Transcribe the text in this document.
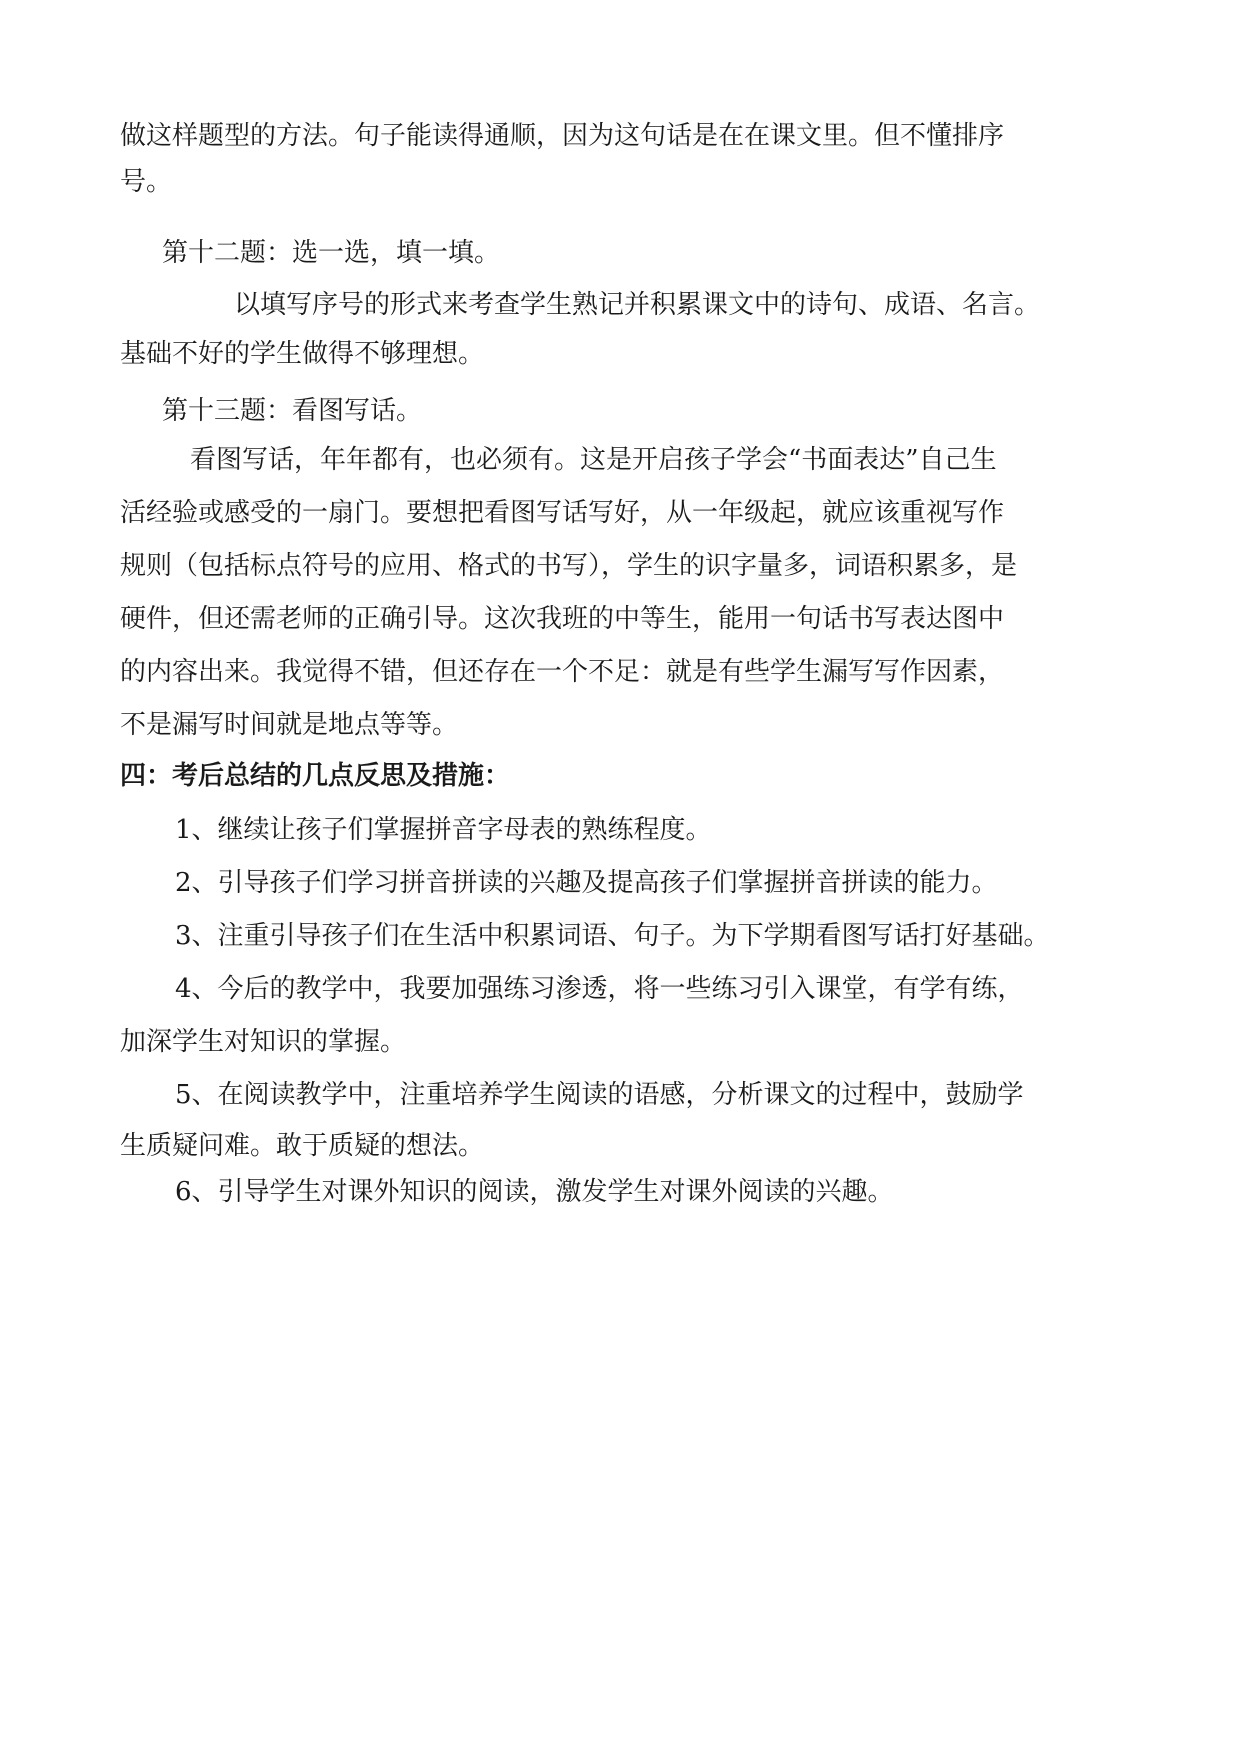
做这样题型的方法。句子能读得通顺，因为这句话是在在课文里。但不懂排序
号。
第十二题：选一选，填一填。
以填写序号的形式来考查学生熟记并积累课文中的诗句、成语、名言。
基础不好的学生做得不够理想。
第十三题：看图写话。
看图写话，年年都有，也必须有。这是开启孩子学会“书面表达”自己生
活经验或感受的一扇门。要想把看图写话写好，从一年级起，就应该重视写作
规则（包括标点符号的应用、格式的书写），学生的识字量多，词语积累多，是
硬件，但还需老师的正确引导。这次我班的中等生，能用一句话书写表达图中
的内容出来。我觉得不错，但还存在一个不足：就是有些学生漏写写作因素，
不是漏写时间就是地点等等。
四：考后总结的几点反思及措施：
1、继续让孩子们掌握拼音字母表的熟练程度。
2、引导孩子们学习拼音拼读的兴趣及提高孩子们掌握拼音拼读的能力。
3、注重引导孩子们在生活中积累词语、句子。为下学期看图写话打好基础。
4、今后的教学中，我要加强练习渗透，将一些练习引入课堂，有学有练，
加深学生对知识的掌握。
5、在阅读教学中，注重培养学生阅读的语感，分析课文的过程中，鼓励学
生质疑问难。敢于质疑的想法。
6、引导学生对课外知识的阅读，激发学生对课外阅读的兴趣。
